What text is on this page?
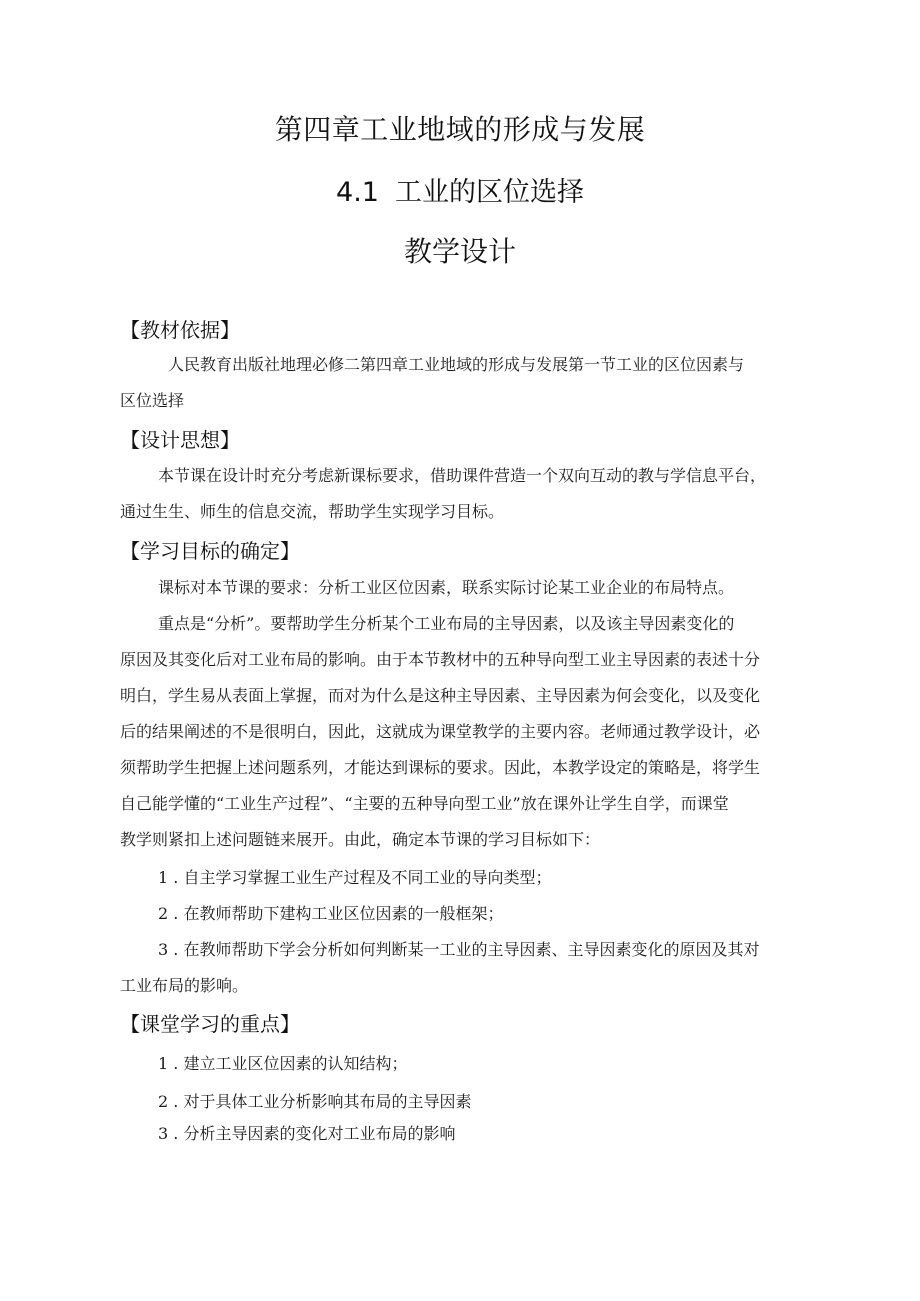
第四章工业地域的形成与发展
4.1 工业的区位选择
教学设计
【教材依据】
人民教育出版社地理必修二第四章工业地域的形成与发展第一节工业的区位因素与
区位选择
【设计思想】
本节课在设计时充分考虑新课标要求，借助课件营造一个双向互动的教与学信息平台，
通过生生、师生的信息交流，帮助学生实现学习目标。
【学习目标的确定】
课标对本节课的要求：分析工业区位因素，联系实际讨论某工业企业的布局特点。
重点是“分析”。要帮助学生分析某个工业布局的主导因素，以及该主导因素变化的
原因及其变化后对工业布局的影响。由于本节教材中的五种导向型工业主导因素的表述十分
明白，学生易从表面上掌握，而对为什么是这种主导因素、主导因素为何会变化，以及变化
后的结果阐述的不是很明白，因此，这就成为课堂教学的主要内容。老师通过教学设计，必
须帮助学生把握上述问题系列，才能达到课标的要求。因此，本教学设定的策略是，将学生
自己能学懂的“工业生产过程”、“主要的五种导向型工业”放在课外让学生自学，而课堂
教学则紧扣上述问题链来展开。由此，确定本节课的学习目标如下：
1 . 自主学习掌握工业生产过程及不同工业的导向类型；
2 . 在教师帮助下建构工业区位因素的一般框架；
3 . 在教师帮助下学会分析如何判断某一工业的主导因素、主导因素变化的原因及其对
工业布局的影响。
【课堂学习的重点】
1 . 建立工业区位因素的认知结构；
2 . 对于具体工业分析影响其布局的主导因素
3 . 分析主导因素的变化对工业布局的影响
